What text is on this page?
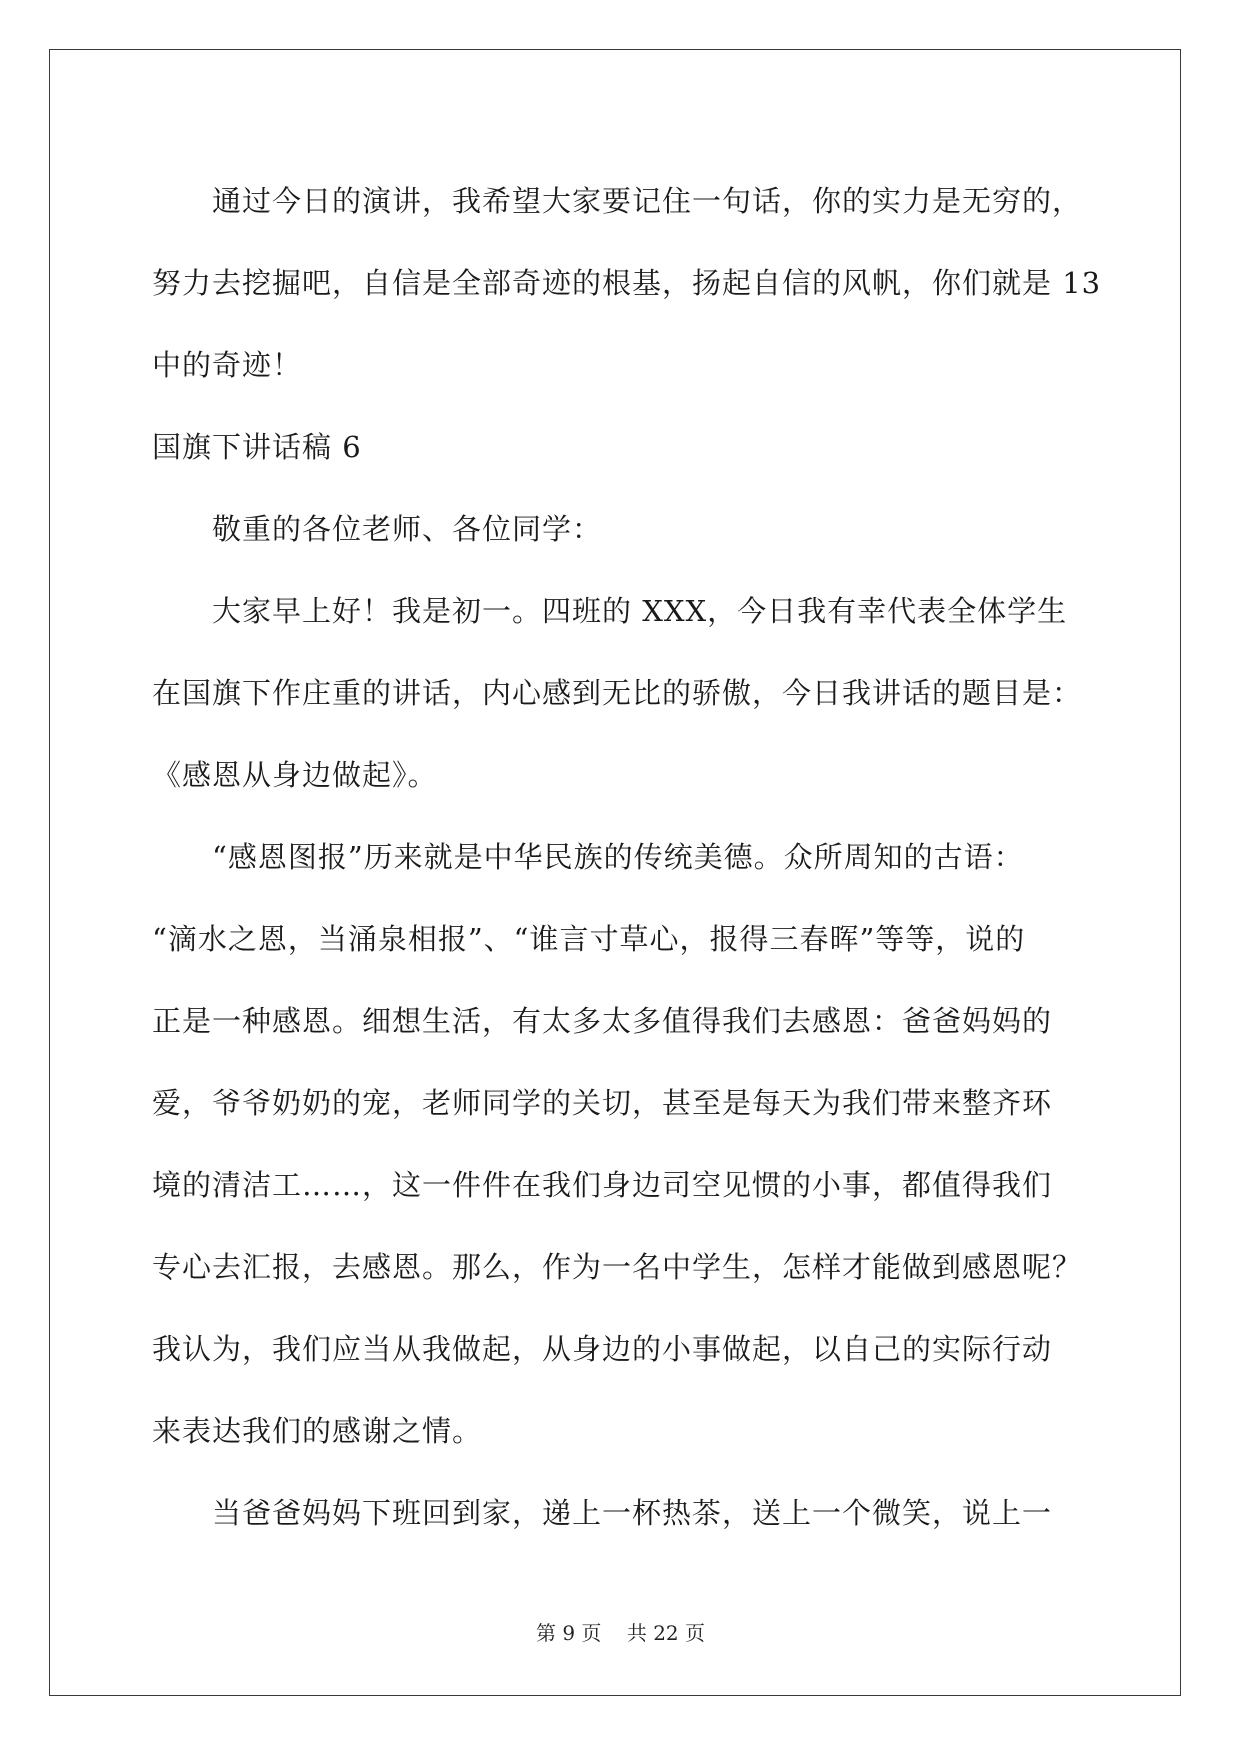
通过今日的演讲，我希望大家要记住一句话，你的实力是无穷的，
努力去挖掘吧，自信是全部奇迹的根基，扬起自信的风帆，你们就是 13
中的奇迹！
国旗下讲话稿 6
敬重的各位老师、各位同学：
大家早上好！我是初一。四班的 XXX，今日我有幸代表全体学生
在国旗下作庄重的讲话，内心感到无比的骄傲，今日我讲话的题目是：
《感恩从身边做起》。
“感恩图报”历来就是中华民族的传统美德。众所周知的古语：
“滴水之恩，当涌泉相报”、“谁言寸草心，报得三春晖”等等，说的
正是一种感恩。细想生活，有太多太多值得我们去感恩：爸爸妈妈的
爱，爷爷奶奶的宠，老师同学的关切，甚至是每天为我们带来整齐环
境的清洁工……，这一件件在我们身边司空见惯的小事，都值得我们
专心去汇报，去感恩。那么，作为一名中学生，怎样才能做到感恩呢？
我认为，我们应当从我做起，从身边的小事做起，以自己的实际行动
来表达我们的感谢之情。
当爸爸妈妈下班回到家，递上一杯热茶，送上一个微笑，说上一
第 9 页    共 22 页
